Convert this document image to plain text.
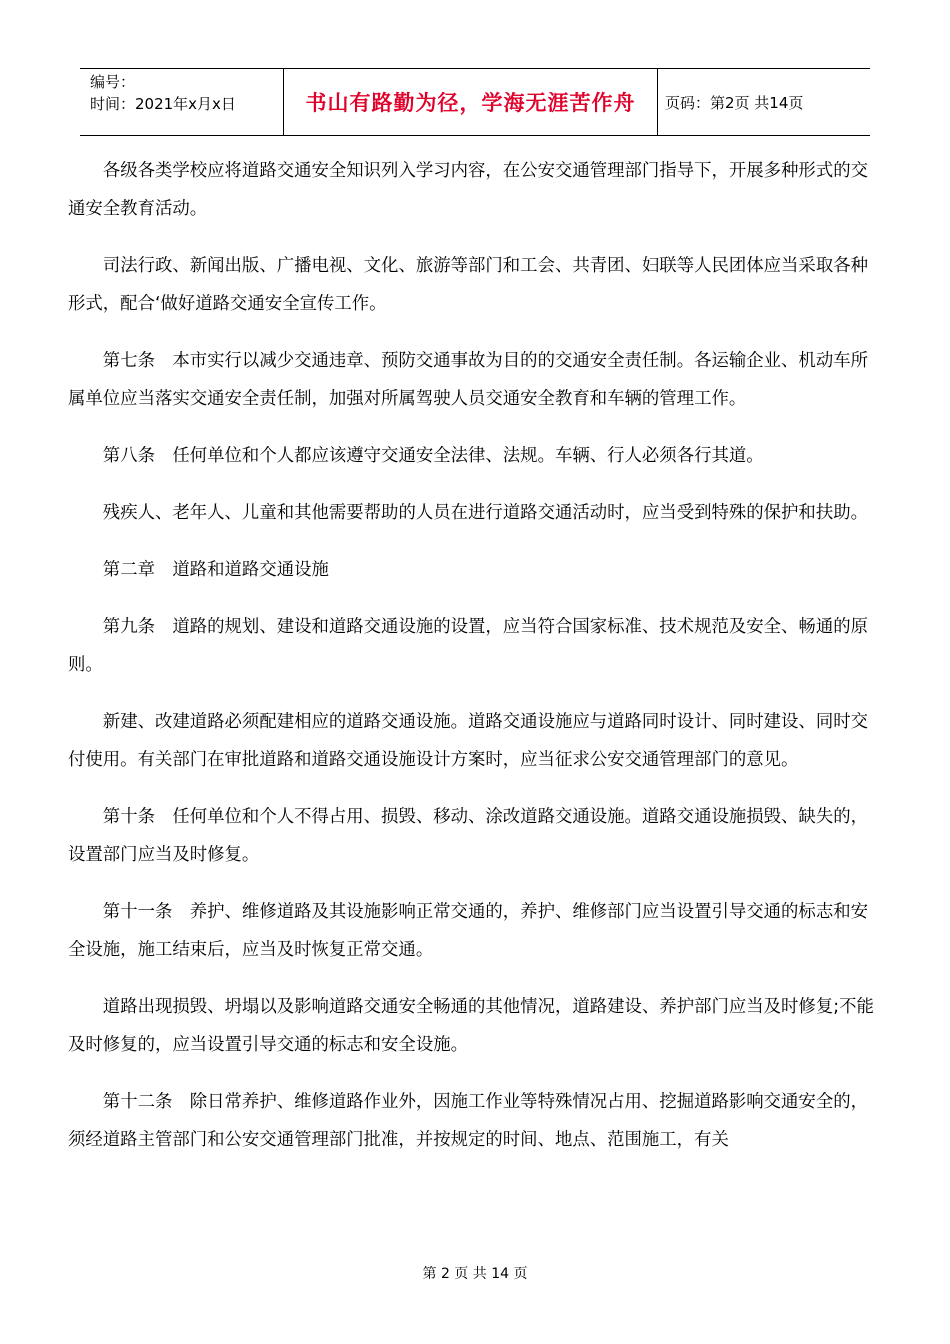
编号：
时间：2021年x月x日	书山有路勤为径，学海无涯苦作舟 页码：第2页 共14页

各级各类学校应将道路交通安全知识列入学习内容，在公安交通管理部门指导下，开展多种形式的交通安全教育活动。

司法行政、新闻出版、广播电视、文化、旅游等部门和工会、共青团、妇联等人民团体应当采取各种形式，配合‘做好道路交通安全宣传工作。

第七条　本市实行以减少交通违章、预防交通事故为目的的交通安全责任制。各运输企业、机动车所属单位应当落实交通安全责任制，加强对所属驾驶人员交通安全教育和车辆的管理工作。

第八条　任何单位和个人都应该遵守交通安全法律、法规。车辆、行人必须各行其道。

残疾人、老年人、儿童和其他需要帮助的人员在进行道路交通活动时，应当受到特殊的保护和扶助。

第二章　道路和道路交通设施

第九条　道路的规划、建设和道路交通设施的设置，应当符合国家标准、技术规范及安全、畅通的原则。

新建、改建道路必须配建相应的道路交通设施。道路交通设施应与道路同时设计、同时建设、同时交付使用。有关部门在审批道路和道路交通设施设计方案时，应当征求公安交通管理部门的意见。

第十条　任何单位和个人不得占用、损毁、移动、涂改道路交通设施。道路交通设施损毁、缺失的，设置部门应当及时修复。

第十一条　养护、维修道路及其设施影响正常交通的，养护、维修部门应当设置引导交通的标志和安全设施，施工结束后，应当及时恢复正常交通。

道路出现损毁、坍塌以及影响道路交通安全畅通的其他情况，道路建设、养护部门应当及时修复;不能及时修复的，应当设置引导交通的标志和安全设施。

第十二条　除日常养护、维修道路作业外，因施工作业等特殊情况占用、挖掘道路影响交通安全的，须经道路主管部门和公安交通管理部门批准，并按规定的时间、地点、范围施工，有关

第 2 页 共 14 页
